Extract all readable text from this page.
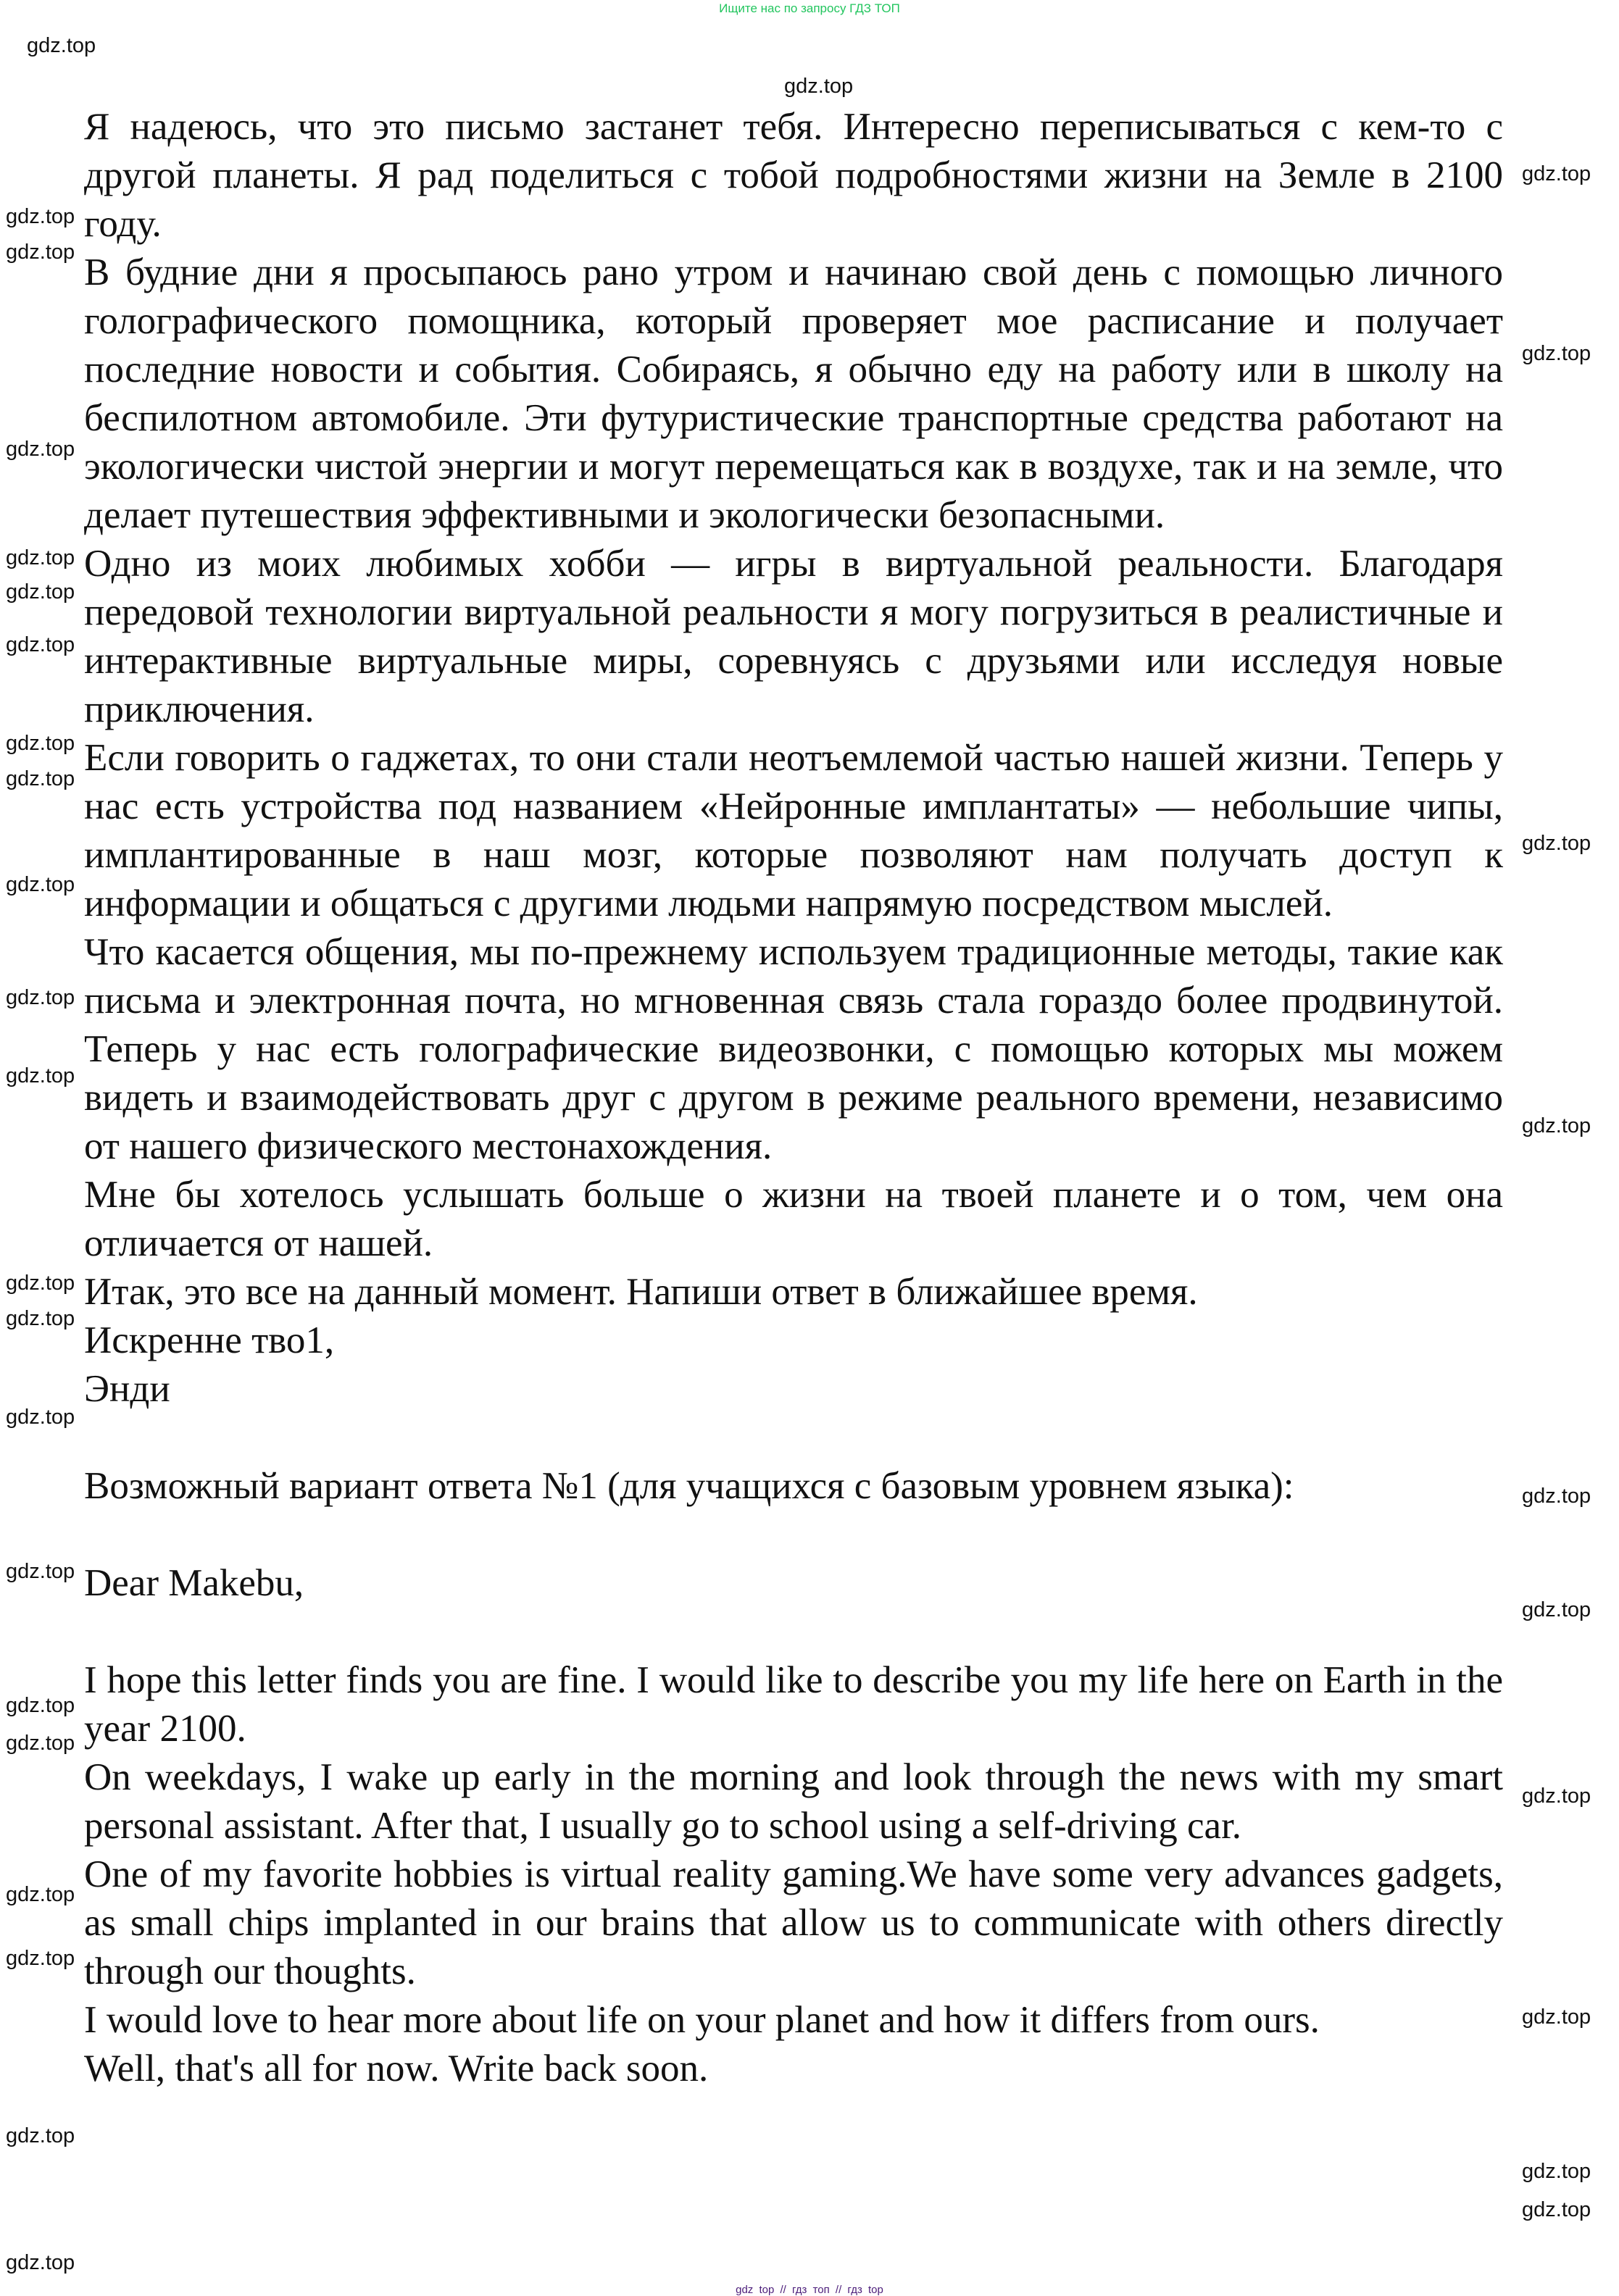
Ищите нас по запросу ГДЗ ТОП

Я надеюсь, что это письмо застанет тебя. Интересно переписываться с кем-то с другой планеты. Я рад поделиться с тобой подробностями жизни на Земле в 2100 году.

В будние дни я просыпаюсь рано утром и начинаю свой день с помощью личного голографического помощника, который проверяет мое расписание и получает последние новости и события. Собираясь, я обычно еду на работу или в школу на беспилотном автомобиле. Эти футуристические транспортные средства работают на экологически чистой энергии и могут перемещаться как в воздухе, так и на земле, что делает путешествия эффективными и экологически безопасными.

Одно из моих любимых хобби — игры в виртуальной реальности. Благодаря передовой технологии виртуальной реальности я могу погрузиться в реалистичные и интерактивные виртуальные миры, соревнуясь с друзьями или исследуя новые приключения.

Если говорить о гаджетах, то они стали неотъемлемой частью нашей жизни. Теперь у нас есть устройства под названием «Нейронные имплантаты» — небольшие чипы, имплантированные в наш мозг, которые позволяют нам получать доступ к информации и общаться с другими людьми напрямую посредством мыслей.

Что касается общения, мы по-прежнему используем традиционные методы, такие как письма и электронная почта, но мгновенная связь стала гораздо более продвинутой. Теперь у нас есть голографические видеозвонки, с помощью которых мы можем видеть и взаимодействовать друг с другом в режиме реального времени, независимо от нашего физического местонахождения.

Мне бы хотелось услышать больше о жизни на твоей планете и о том, чем она отличается от нашей.

Итак, это все на данный момент. Напиши ответ в ближайшее время.

Искренне тво1,

Энди

Возможный вариант ответа №1 (для учащихся с базовым уровнем языка):

Dear Makebu,

I hope this letter finds you are fine. I would like to describe you my life here on Earth in the year 2100.

On weekdays, I wake up early in the morning and look through the news with my smart personal assistant. After that, I usually go to school using a self-driving car.

One of my favorite hobbies is virtual reality gaming.We have some very advances gadgets, as small chips implanted in our brains that allow us to communicate with others directly through our thoughts.

I would love to hear more about life on your planet and how it differs from ours.

Well, that's all for now. Write back soon.

gdz.top
gdz.top
gdz.top
gdz.top
gdz.top
gdz.top
gdz.top
gdz.top
gdz.top
gdz.top
gdz.top
gdz.top
gdz.top
gdz.top
gdz.top
gdz.top
gdz.top
gdz.top
gdz.top
gdz.top
gdz.top
gdz.top
gdz.top
gdz.top
gdz.top
gdz.top
gdz.top
gdz.top
gdz.top
gdz.top
gdz.top
gdz.top
gdz.top
gdz top // гдз топ // гдз top
